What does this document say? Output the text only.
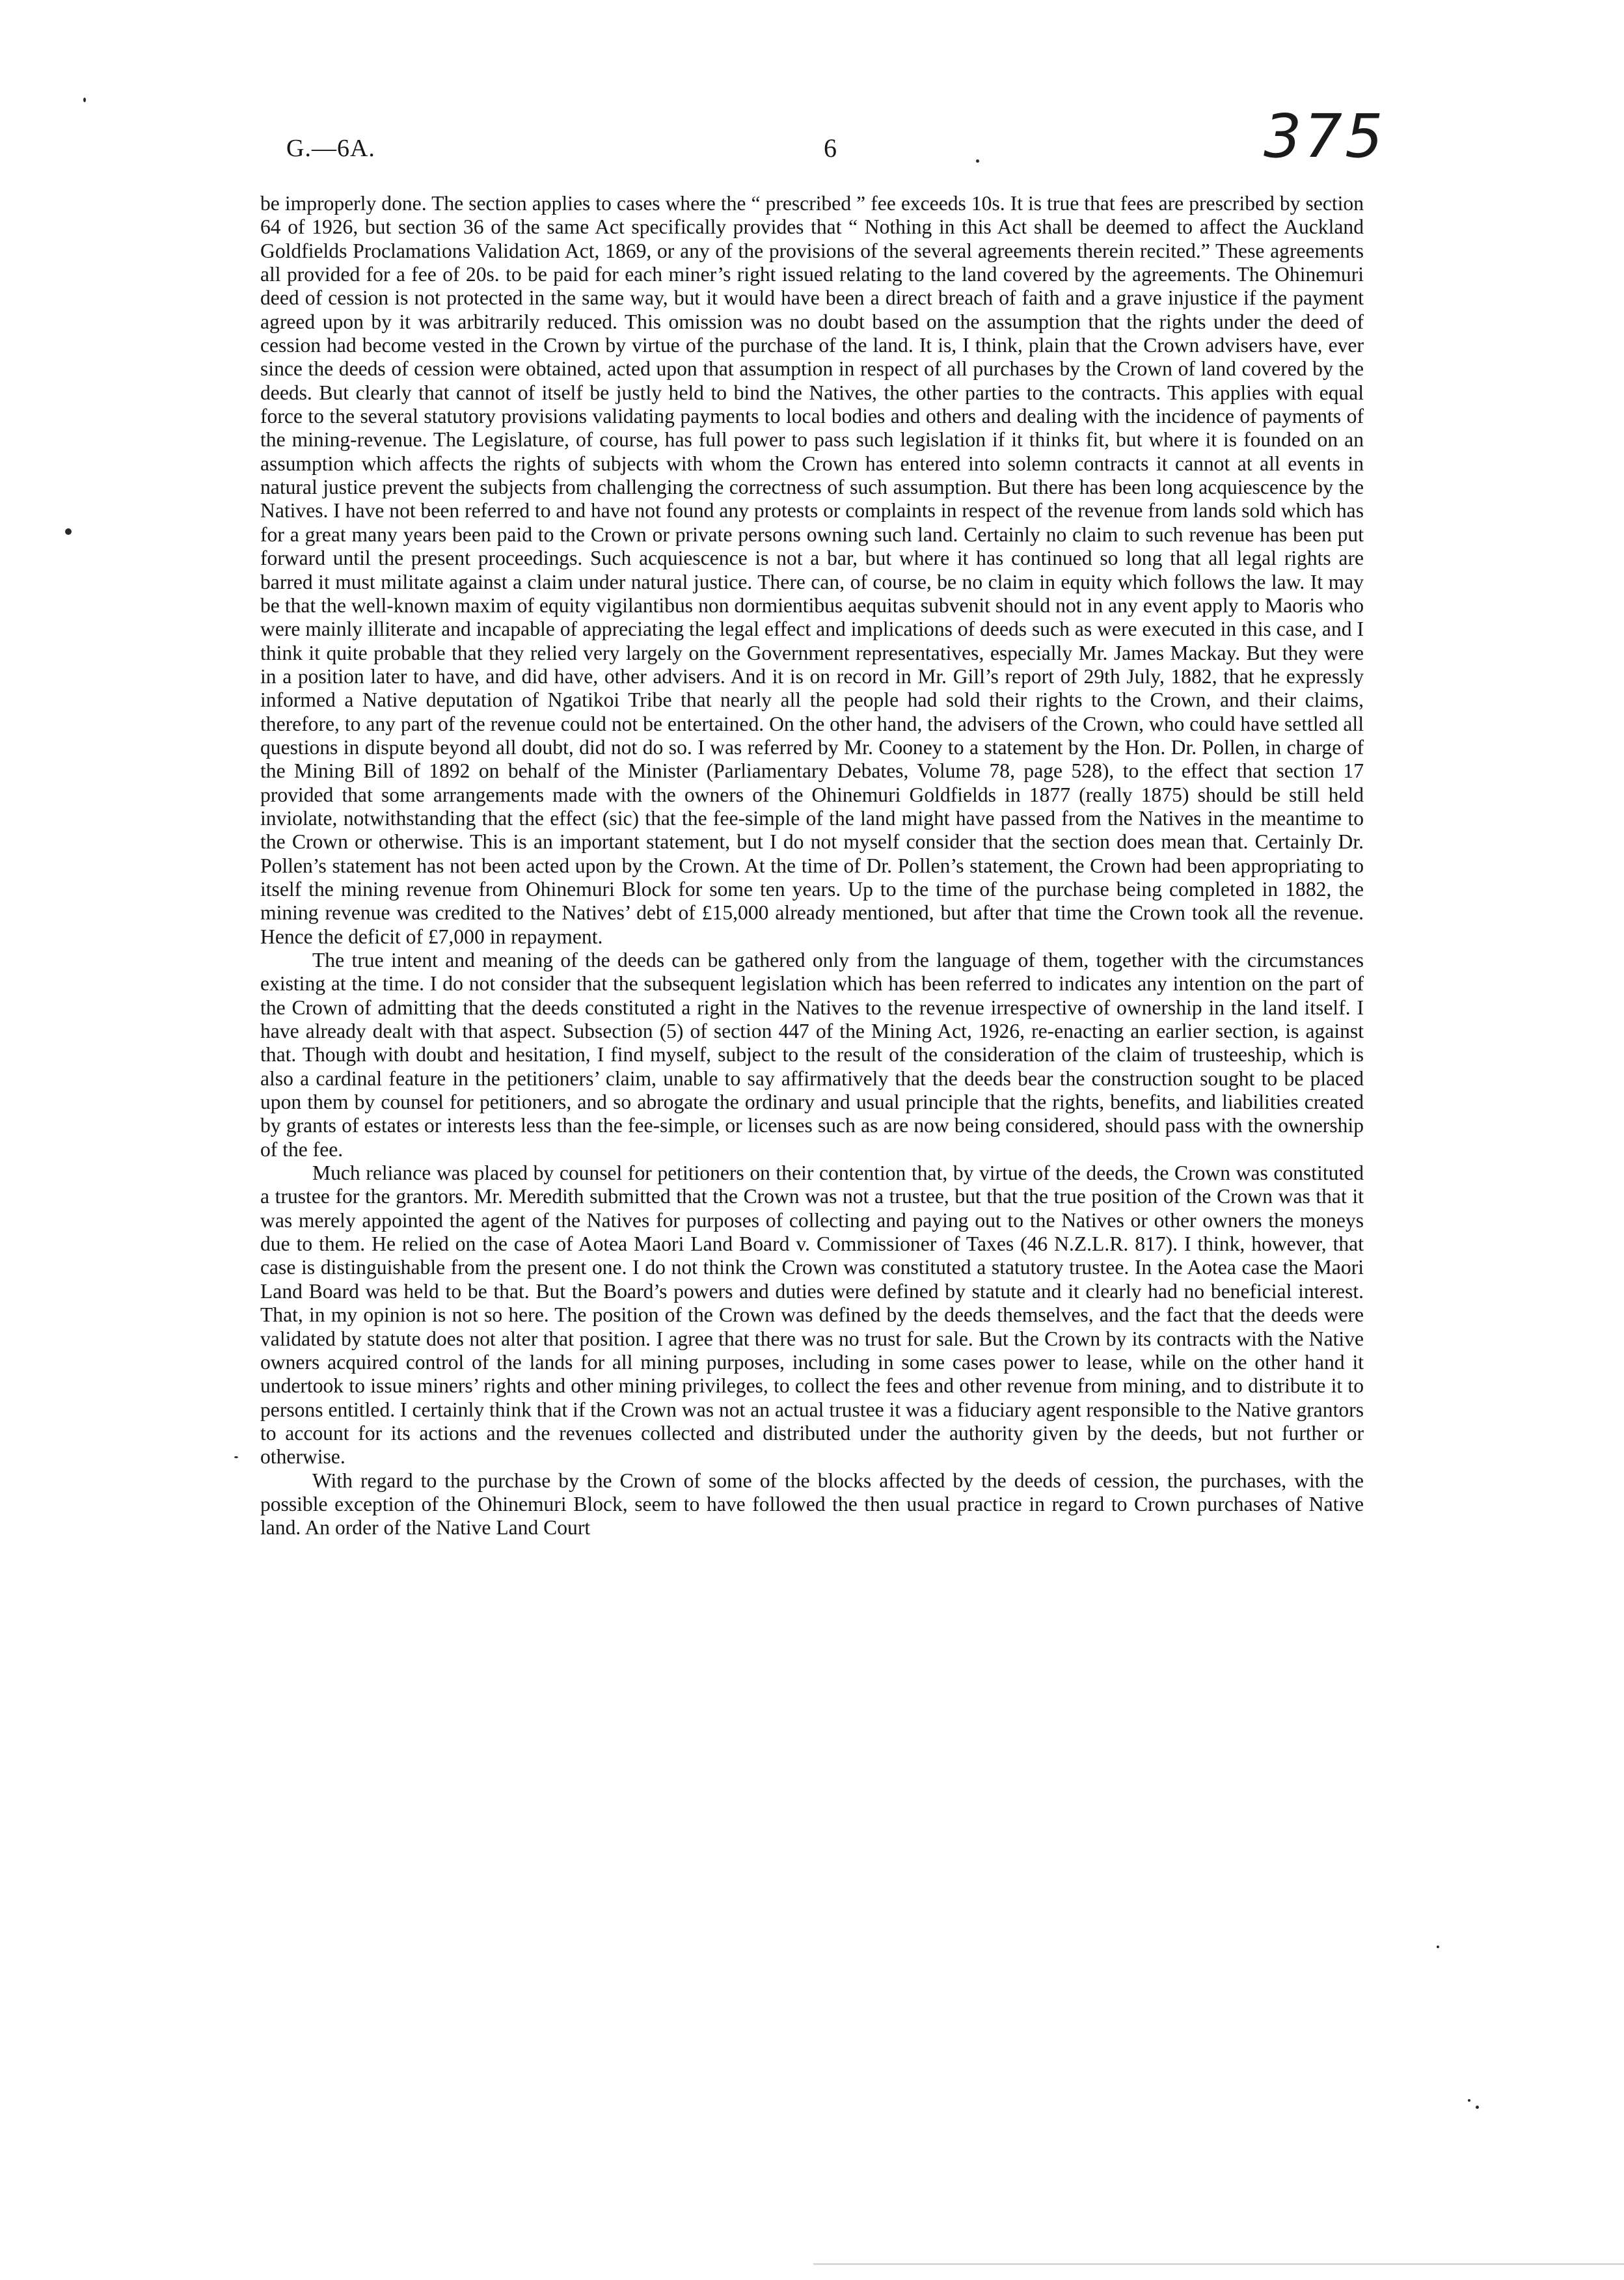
G.—6A.	6	375

be improperly done. The section applies to cases where the “ prescribed ” fee exceeds 10s. It is true that fees are prescribed by section 64 of 1926, but section 36 of the same Act specifically provides that “ Nothing in this Act shall be deemed to affect the Auckland Goldfields Proclamations Validation Act, 1869, or any of the provisions of the several agreements therein recited.” These agreements all provided for a fee of 20s. to be paid for each miner’s right issued relating to the land covered by the agreements. The Ohinemuri deed of cession is not protected in the same way, but it would have been a direct breach of faith and a grave injustice if the payment agreed upon by it was arbitrarily reduced. This omission was no doubt based on the assumption that the rights under the deed of cession had become vested in the Crown by virtue of the purchase of the land. It is, I think, plain that the Crown advisers have, ever since the deeds of cession were obtained, acted upon that assumption in respect of all purchases by the Crown of land covered by the deeds. But clearly that cannot of itself be justly held to bind the Natives, the other parties to the contracts. This applies with equal force to the several statutory provisions validating payments to local bodies and others and dealing with the incidence of payments of the mining-revenue. The Legislature, of course, has full power to pass such legislation if it thinks fit, but where it is founded on an assumption which affects the rights of subjects with whom the Crown has entered into solemn contracts it cannot at all events in natural justice prevent the subjects from challenging the correctness of such assumption. But there has been long acquiescence by the Natives. I have not been referred to and have not found any protests or complaints in respect of the revenue from lands sold which has for a great many years been paid to the Crown or private persons owning such land. Certainly no claim to such revenue has been put forward until the present proceedings. Such acquiescence is not a bar, but where it has continued so long that all legal rights are barred it must militate against a claim under natural justice. There can, of course, be no claim in equity which follows the law. It may be that the well-known maxim of equity vigilantibus non dormientibus aequitas subvenit should not in any event apply to Maoris who were mainly illiterate and incapable of appreciating the legal effect and implications of deeds such as were executed in this case, and I think it quite probable that they relied very largely on the Government representatives, especially Mr. James Mackay. But they were in a position later to have, and did have, other advisers. And it is on record in Mr. Gill’s report of 29th July, 1882, that he expressly informed a Native deputation of Ngatikoi Tribe that nearly all the people had sold their rights to the Crown, and their claims, therefore, to any part of the revenue could not be entertained. On the other hand, the advisers of the Crown, who could have settled all questions in dispute beyond all doubt, did not do so. I was referred by Mr. Cooney to a statement by the Hon. Dr. Pollen, in charge of the Mining Bill of 1892 on behalf of the Minister (Parliamentary Debates, Volume 78, page 528), to the effect that section 17 provided that some arrangements made with the owners of the Ohinemuri Goldfields in 1877 (really 1875) should be still held inviolate, notwithstanding that the effect (sic) that the fee-simple of the land might have passed from the Natives in the meantime to the Crown or otherwise. This is an important statement, but I do not myself consider that the section does mean that. Certainly Dr. Pollen’s statement has not been acted upon by the Crown. At the time of Dr. Pollen’s statement, the Crown had been appropriating to itself the mining revenue from Ohinemuri Block for some ten years. Up to the time of the purchase being completed in 1882, the mining revenue was credited to the Natives’ debt of £15,000 already mentioned, but after that time the Crown took all the revenue. Hence the deficit of £7,000 in repayment.

The true intent and meaning of the deeds can be gathered only from the language of them, together with the circumstances existing at the time. I do not consider that the subsequent legislation which has been referred to indicates any intention on the part of the Crown of admitting that the deeds constituted a right in the Natives to the revenue irrespective of ownership in the land itself. I have already dealt with that aspect. Subsection (5) of section 447 of the Mining Act, 1926, re-enacting an earlier section, is against that. Though with doubt and hesitation, I find myself, subject to the result of the consideration of the claim of trusteeship, which is also a cardinal feature in the petitioners’ claim, unable to say affirmatively that the deeds bear the construction sought to be placed upon them by counsel for petitioners, and so abrogate the ordinary and usual principle that the rights, benefits, and liabilities created by grants of estates or interests less than the fee-simple, or licenses such as are now being considered, should pass with the ownership of the fee.

Much reliance was placed by counsel for petitioners on their contention that, by virtue of the deeds, the Crown was constituted a trustee for the grantors. Mr. Meredith submitted that the Crown was not a trustee, but that the true position of the Crown was that it was merely appointed the agent of the Natives for purposes of collecting and paying out to the Natives or other owners the moneys due to them. He relied on the case of Aotea Maori Land Board v. Commissioner of Taxes (46 N.Z.L.R. 817). I think, however, that case is distinguishable from the present one. I do not think the Crown was constituted a statutory trustee. In the Aotea case the Maori Land Board was held to be that. But the Board’s powers and duties were defined by statute and it clearly had no beneficial interest. That, in my opinion is not so here. The position of the Crown was defined by the deeds themselves, and the fact that the deeds were validated by statute does not alter that position. I agree that there was no trust for sale. But the Crown by its contracts with the Native owners acquired control of the lands for all mining purposes, including in some cases power to lease, while on the other hand it undertook to issue miners’ rights and other mining privileges, to collect the fees and other revenue from mining, and to distribute it to persons entitled. I certainly think that if the Crown was not an actual trustee it was a fiduciary agent responsible to the Native grantors to account for its actions and the revenues collected and distributed under the authority given by the deeds, but not further or otherwise.

With regard to the purchase by the Crown of some of the blocks affected by the deeds of cession, the purchases, with the possible exception of the Ohinemuri Block, seem to have followed the then usual practice in regard to Crown purchases of Native land. An order of the Native Land Court
